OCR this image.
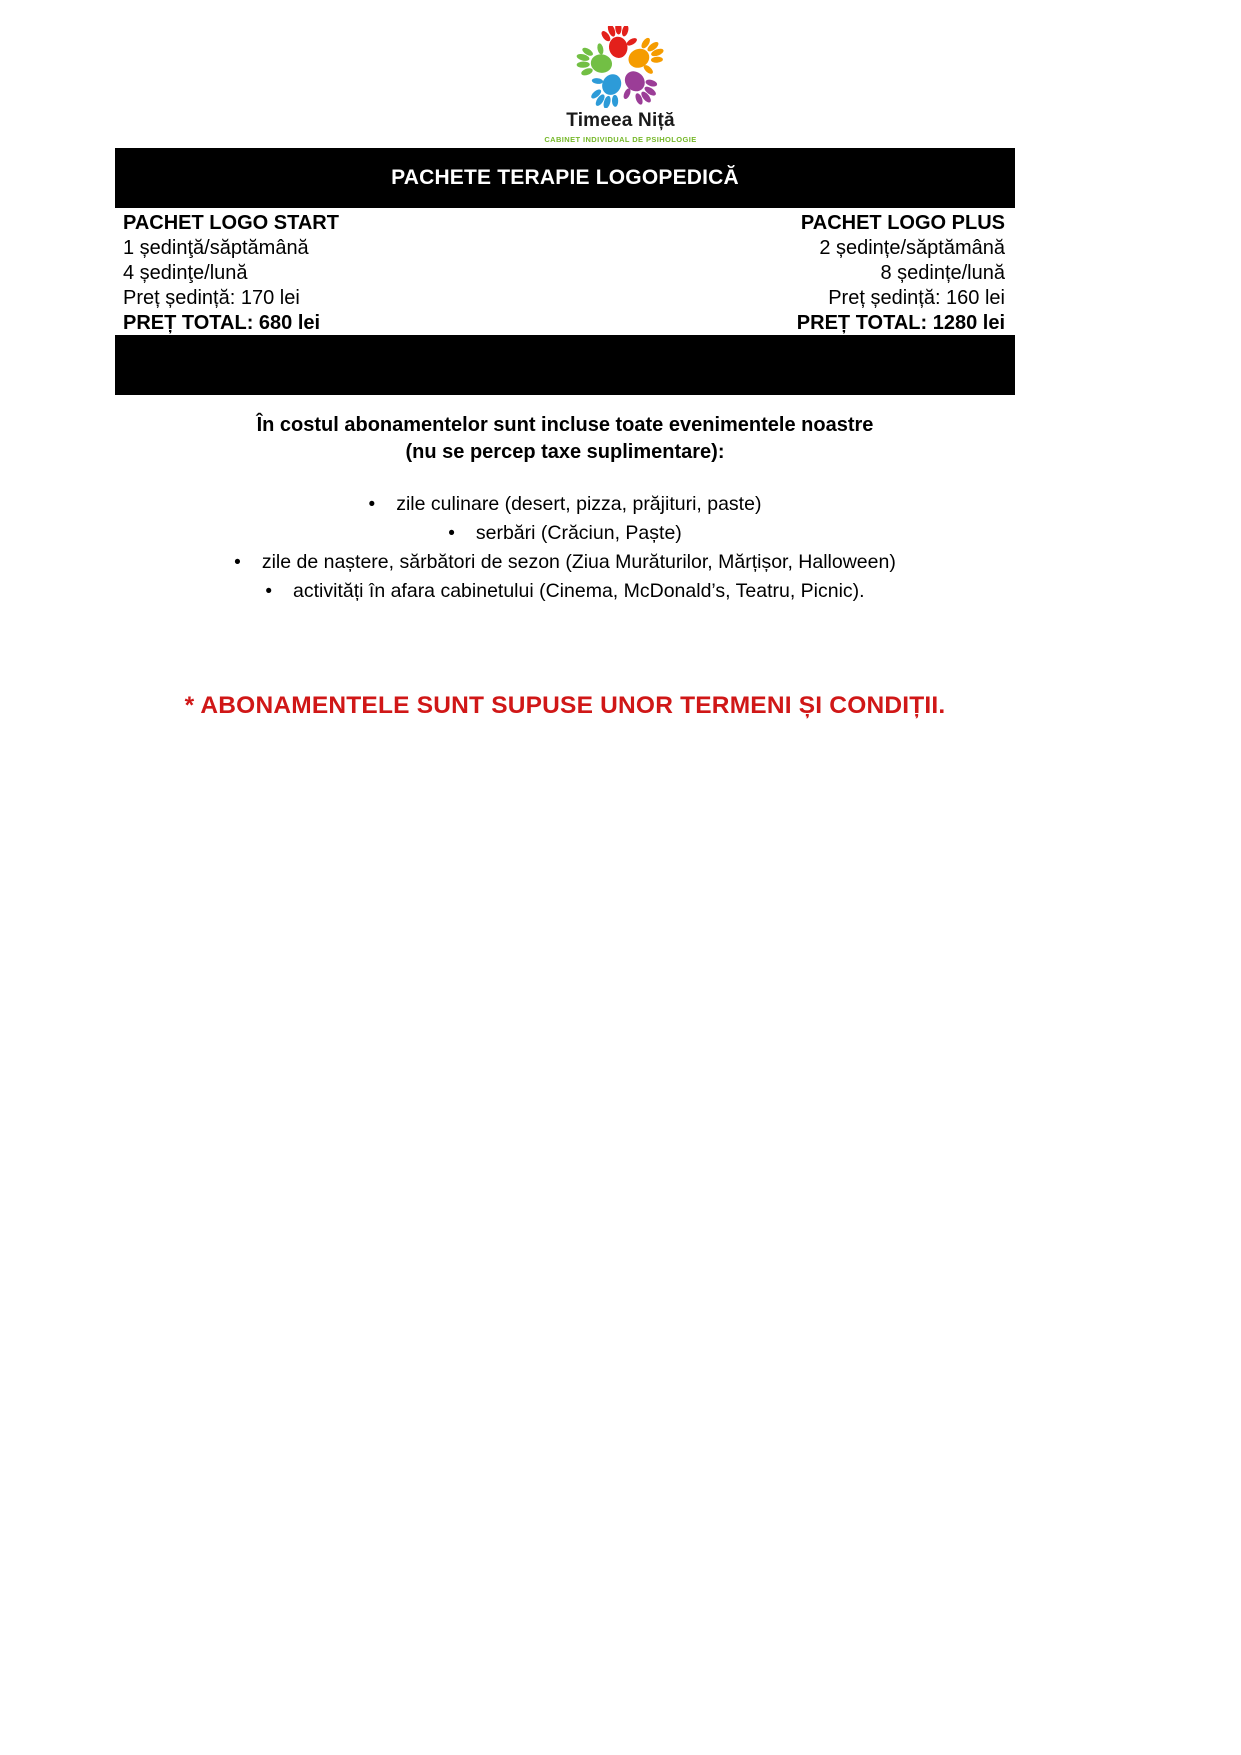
Timeea Niță
CABINET INDIVIDUAL DE PSIHOLOGIE
PACHETE TERAPIE LOGOPEDICĂ
PACHET LOGO START
1 ședinţă/săptămână
4 ședinţe/lună
Preț ședință: 170 lei
PREȚ TOTAL: 680 lei
PACHET LOGO PLUS
2 ședințe/săptămână
8 ședințe/lună
Preț ședință: 160 lei
PREȚ TOTAL: 1280 lei
În costul abonamentelor sunt incluse toate evenimentele noastre
(nu se percep taxe suplimentare):
• zile culinare (desert, pizza, prăjituri, paste)
• serbări (Crăciun, Paște)
• zile de naștere, sărbători de sezon (Ziua Murăturilor, Mărțișor, Halloween)
• activități în afara cabinetului (Cinema, McDonald’s, Teatru, Picnic).
* ABONAMENTELE SUNT SUPUSE UNOR TERMENI ȘI CONDIȚII.
